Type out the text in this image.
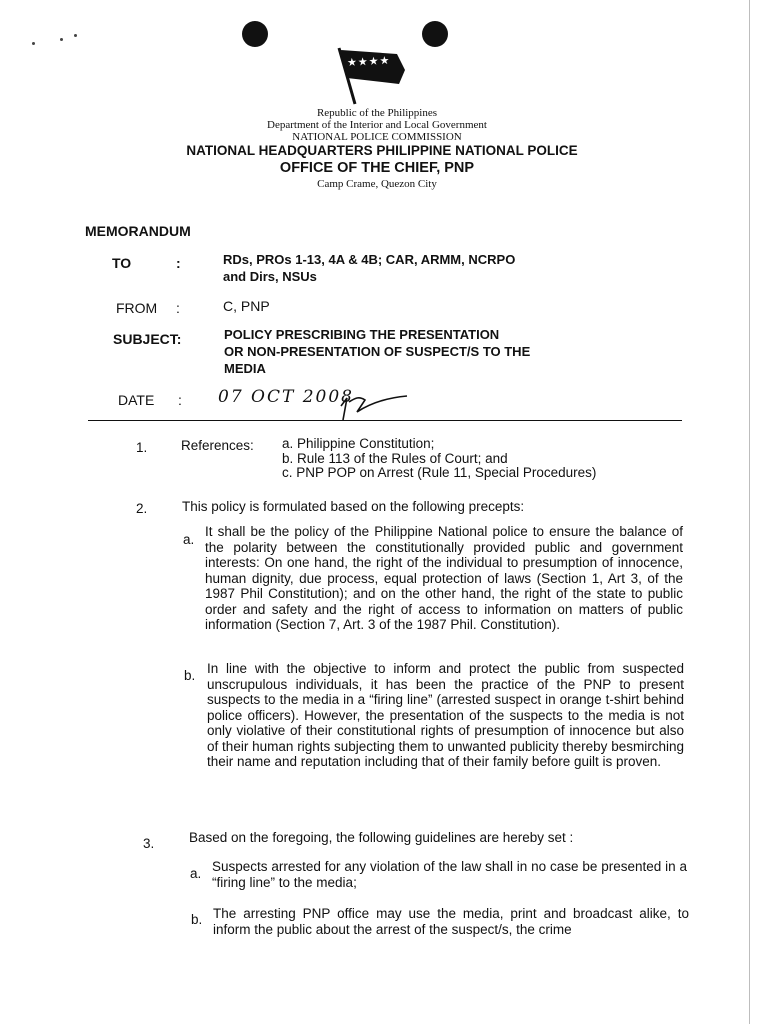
★★★★
Republic of the Philippines
Department of the Interior and Local Government
NATIONAL POLICE COMMISSION
NATIONAL HEADQUARTERS PHILIPPINE NATIONAL POLICE
OFFICE OF THE CHIEF, PNP
Camp Crame, Quezon City
MEMORANDUM
TO	:	RDs, PROs 1-13, 4A & 4B; CAR, ARMM, NCRPO
and Dirs, NSUs
FROM :	C, PNP
SUBJECT:	POLICY PRESCRIBING THE PRESENTATION
OR NON-PRESENTATION OF SUSPECT/S TO THE
MEDIA
DATE : 07 OCT 2008
1. References: a. Philippine Constitution;
b. Rule 113 of the Rules of Court; and
c. PNP POP on Arrest (Rule 11, Special Procedures)
2.	This policy is formulated based on the following precepts:
a.
It shall be the policy of the Philippine National police to ensure the balance of the polarity between the constitutionally provided public and government interests: On one hand, the right of the individual to presumption of innocence, human dignity, due process, equal protection of laws (Section 1, Art 3, of the 1987 Phil Constitution); and on the other hand, the right of the state to public order and safety and the right of access to information on matters of public information (Section 7, Art. 3 of the 1987 Phil. Constitution).
b. In line with the objective to inform and protect the public from suspected unscrupulous individuals, it has been the practice of the PNP to present suspects to the media in a “firing line” (arrested suspect in orange t-shirt behind police officers). However, the presentation of the suspects to the media is not only violative of their constitutional rights of presumption of innocence but also of their human rights subjecting them to unwanted publicity thereby besmirching their name and reputation including that of their family before guilt is proven.
3.	Based on the foregoing, the following guidelines are hereby set :
a. Suspects arrested for any violation of the law shall in no case be presented in a “firing line” to the media;
b. The arresting PNP office may use the media, print and broadcast alike, to inform the public about the arrest of the suspect/s, the crime
